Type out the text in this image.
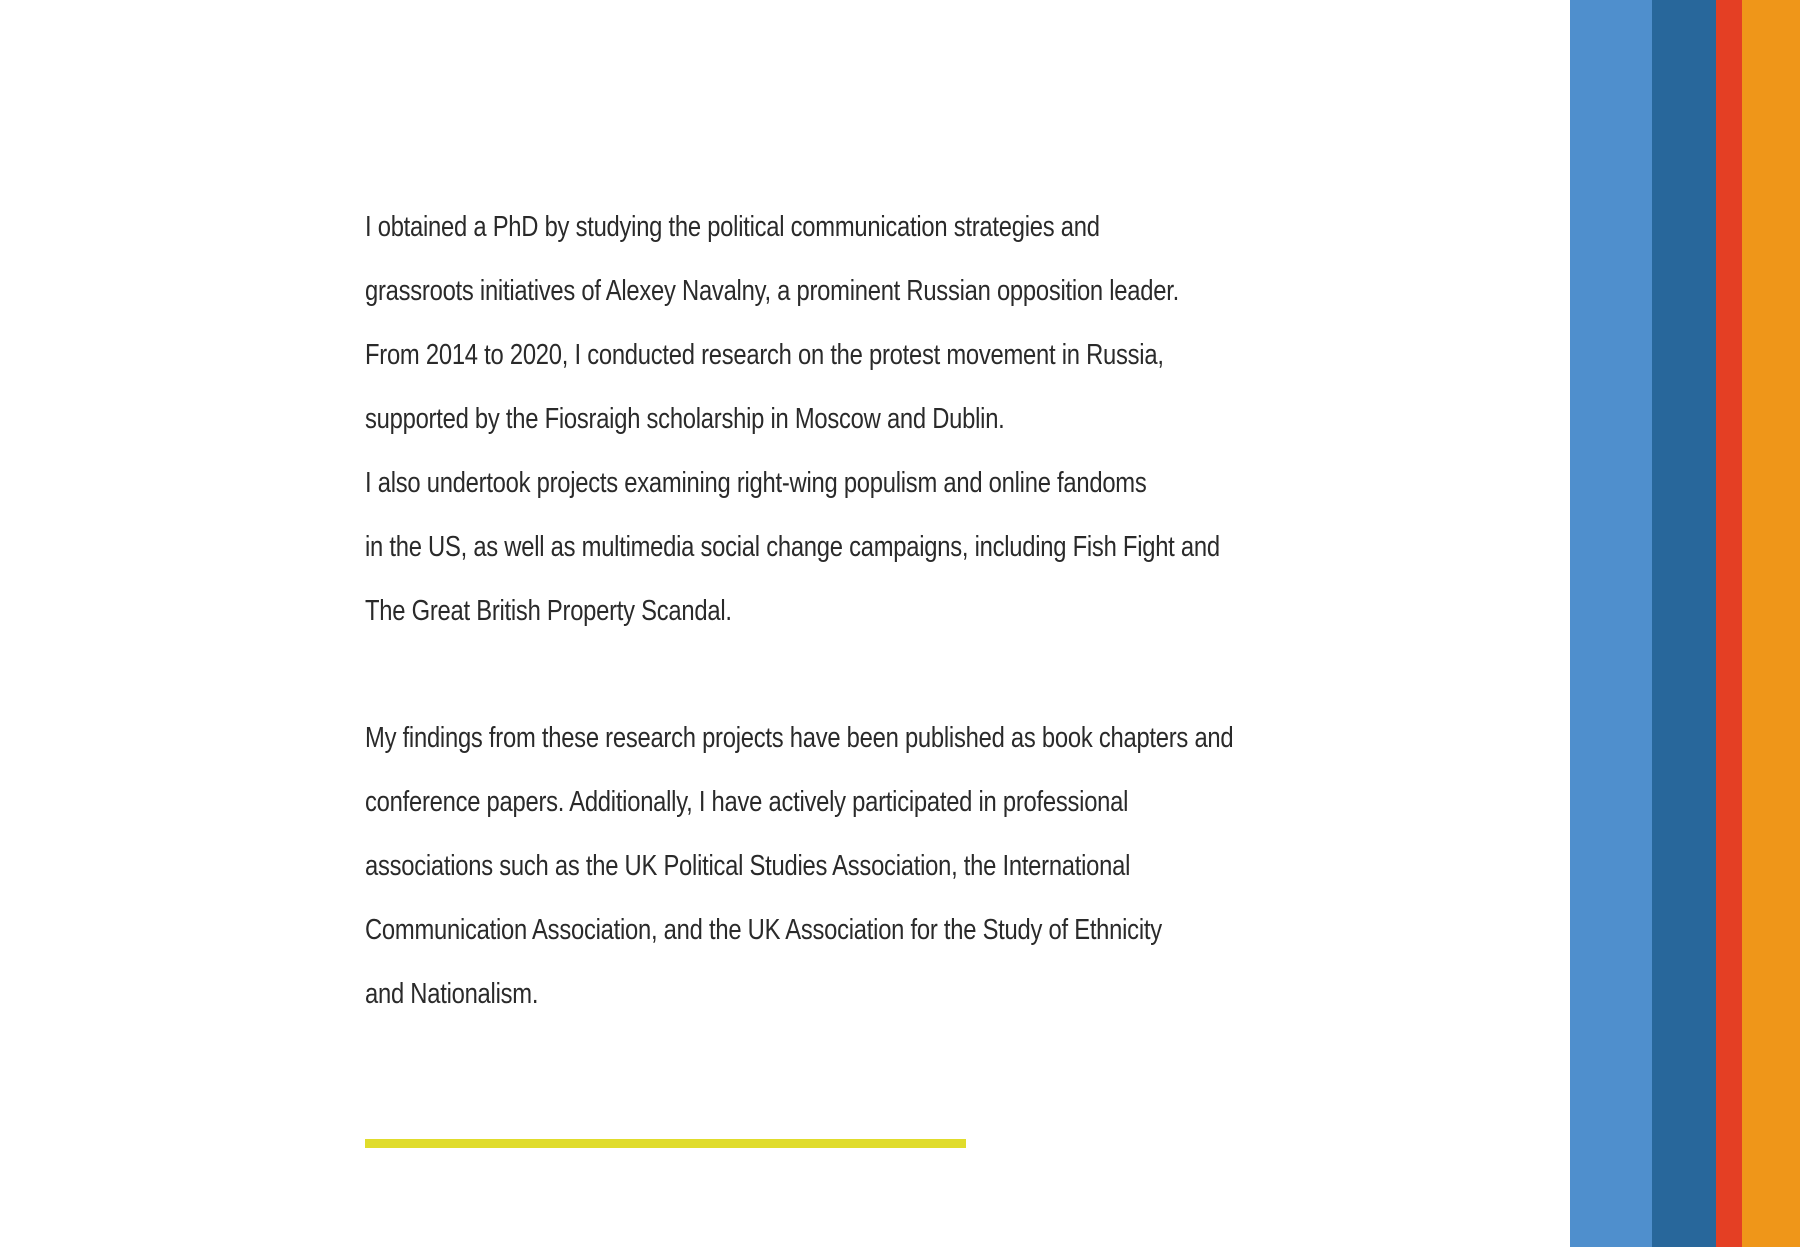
I obtained a PhD by studying the political communication strategies and
grassroots initiatives of Alexey Navalny, a prominent Russian opposition leader.
From 2014 to 2020, I conducted research on the protest movement in Russia,
supported by the Fiosraigh scholarship in Moscow and Dublin.
I also undertook projects examining right-wing populism and online fandoms
in the US, as well as multimedia social change campaigns, including Fish Fight and
The Great British Property Scandal.

My findings from these research projects have been published as book chapters and
conference papers. Additionally, I have actively participated in professional
associations such as the UK Political Studies Association, the International
Communication Association, and the UK Association for the Study of Ethnicity
and Nationalism.
